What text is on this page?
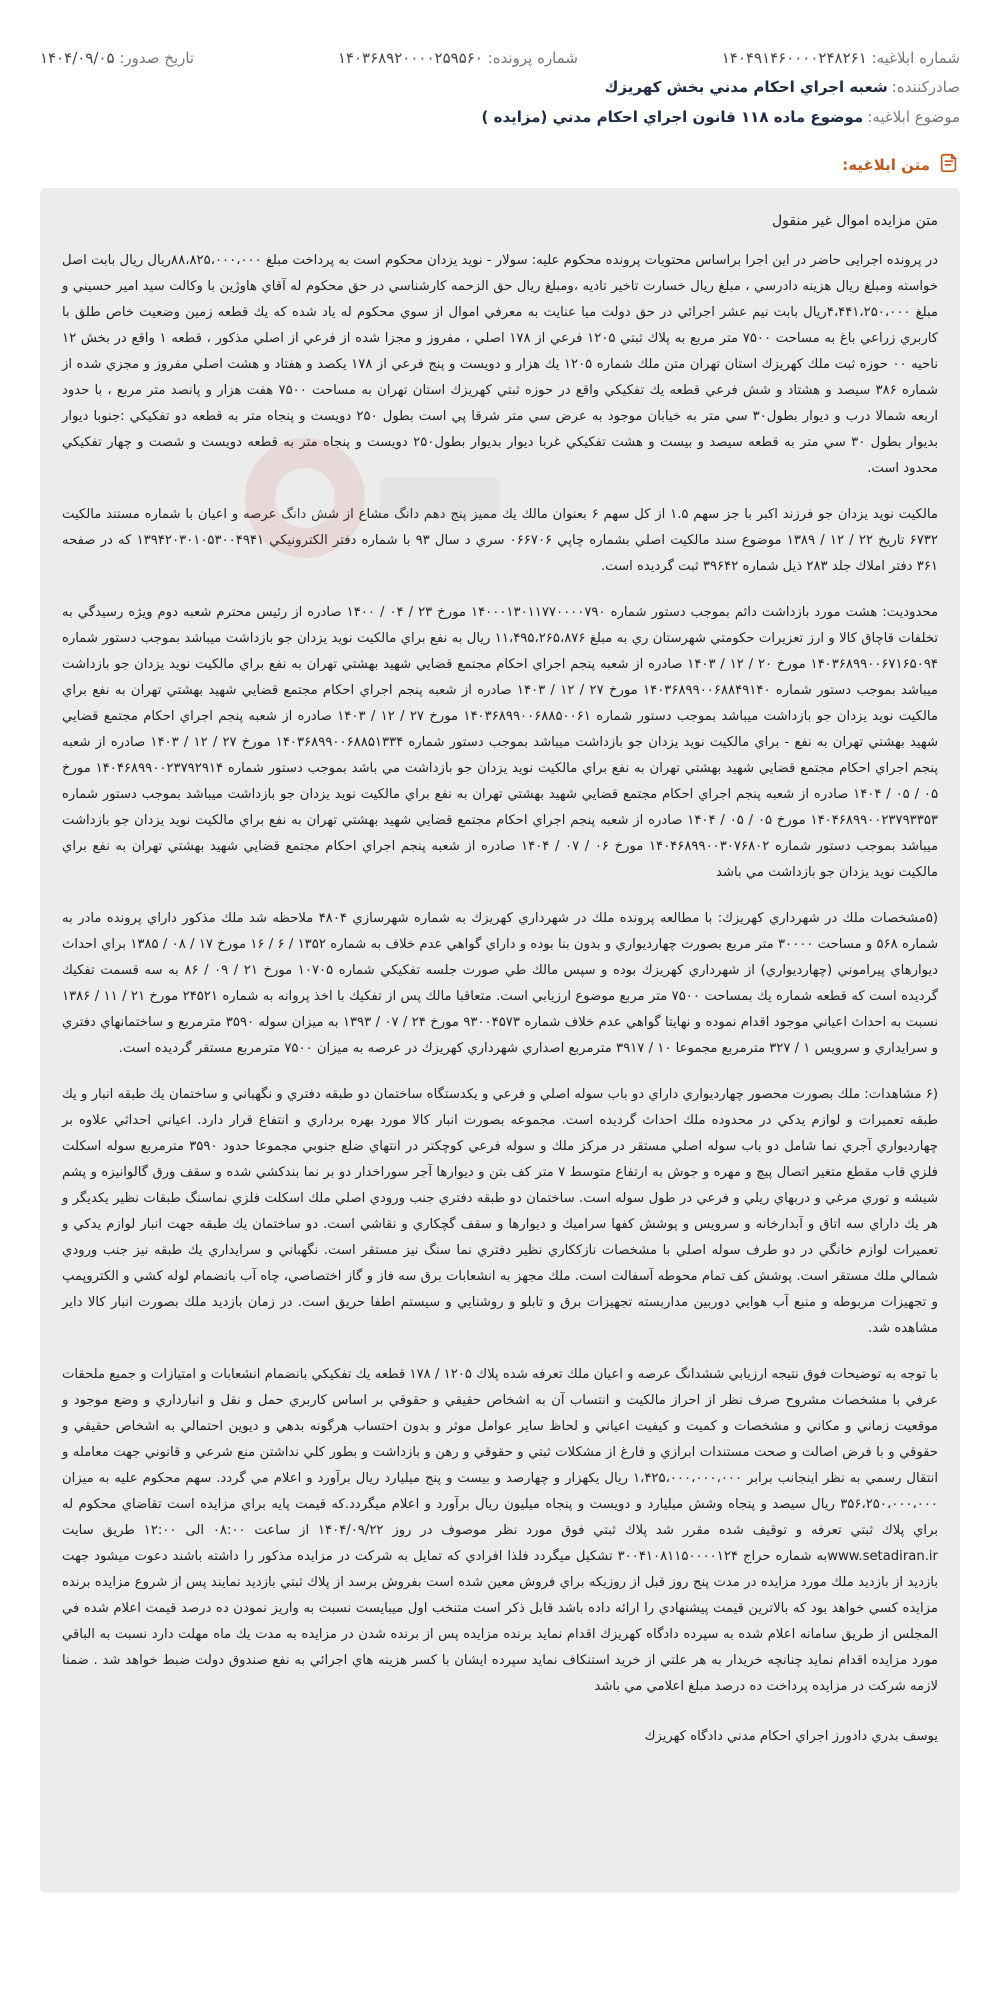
شماره ابلاغيه: ۱۴۰۴۹۱۴۶۰۰۰۰۲۴۸۲۶۱
شماره پرونده: ۱۴۰۳۶۸۹۲۰۰۰۰۲۵۹۵۶۰
تاريخ صدور: ۱۴۰۴/۰۹/۰۵
صادرکننده:
شعبه اجراي احكام مدني بخش كهريزك
موضوع ابلاغيه:
موضوع ماده ۱۱۸ قانون اجراي احكام مدني (مزايده )
متن ابلاغیه:

متن مزايده اموال غير منقول

در پرونده اجرایی حاضر در این اجرا براساس محتويات پرونده محکوم علیه: سولار - نويد يزدان محکوم است به پرداخت مبلغ ۸۸،۸۲۵،۰۰۰،۰۰۰ريال ريال بابت اصل خواسته ومبلغ ريال هزينه دادرسي ، مبلغ ريال خسارت تاخير تاديه ،ومبلغ ريال حق الزحمه كارشناسي در حق محکوم له آقاي هاوژين با وكالت سيد امير حسيني و مبلغ ۴،۴۴۱،۲۵۰،۰۰۰ريال بابت نيم عشر اجرائي در حق دولت ميا عنايت به معرفي اموال از سوي محكوم له ياد شده كه يك قطعه زمين وضعيت خاص طلق با كاربري زراعي باغ به مساحت ۷۵۰۰ متر مربع به پلاك ثبتي ۱۲۰۵ فرعي از ۱۷۸ اصلي ، مفروز و مجزا شده از فرعي از اصلي مذكور ، قطعه ۱ واقع در بخش ۱۲ ناحيه ۰۰ حوزه ثبت ملك كهريزك استان تهران متن ملك شماره ۱۲۰۵ يك هزار و دويست و پنج فرعي از ۱۷۸ يكصد و هفتاد و هشت اصلي مفروز و مجزي شده از شماره ۳۸۶ سيصد و هشتاد و شش فرعي قطعه يك تفكيكي واقع در حوزه ثبتي كهريزك استان تهران به مساحت ۷۵۰۰ هفت هزار و پانصد متر مربع ، با حدود اربعه شمالا درب و ديوار بطول۳۰ سي متر به خيابان موجود به عرض سي متر شرقا پي است بطول ۲۵۰ دويست و پنجاه متر به قطعه دو تفكيكي :جنوبا ديوار بديوار بطول ۳۰ سي متر به قطعه سيصد و بيست و هشت تفكيكي غربا ديوار بديوار بطول۲۵۰ دويست و پنجاه متر به قطعه دويست و شصت و چهار تفكيكي محدود است.

مالكيت نويد يزدان جو فرزند اكبر با جز سهم ۱.۵ از كل سهم ۶ بعنوان مالك يك مميز پنج دهم دانگ مشاع از شش دانگ عرصه و اعيان با شماره مستند مالكيت ۶۷۳۲ تاريخ ۲۲ / ۱۲ / ۱۳۸۹ موضوع سند مالكيت اصلي بشماره چاپي ۰۶۶۷۰۶ سري د سال ۹۳ با شماره دفتر الكترونيكي ۱۳۹۴۲۰۳۰۱۰۵۳۰۰۴۹۴۱ كه در صفحه ۳۶۱ دفتر املاك جلد ۲۸۳ ذيل شماره ۳۹۶۴۲ ثبت گرديده است.

محدوديت: هشت مورد بازداشت دائم بموجب دستور شماره ۱۴۰۰۰۱۳۰۱۱۷۷۰۰۰۰۷۹۰ مورخ ۲۳ / ۰۴ / ۱۴۰۰ صادره از رئيس محترم شعبه دوم ويژه رسيدگي به تخلفات قاچاق كالا و ارز تعزيرات حكومتي شهرستان ري به مبلغ ۱۱،۴۹۵،۲۶۵،۸۷۶ ريال به نفع براي مالكيت نويد يزدان جو بازداشت ميباشد بموجب دستور شماره ۱۴۰۳۶۸۹۹۰۰۶۷۱۶۵۰۹۴ مورخ ۲۰ / ۱۲ / ۱۴۰۳ صادره از شعبه پنجم اجراي احكام مجتمع قضايي شهيد بهشتي تهران به نفع براي مالكيت نويد يزدان جو بازداشت ميباشد بموجب دستور شماره ۱۴۰۳۶۸۹۹۰۰۶۸۸۴۹۱۴۰ مورخ ۲۷ / ۱۲ / ۱۴۰۳ صادره از شعبه پنجم اجراي احكام مجتمع قضايي شهيد بهشتي تهران به نفع براي مالكيت نويد يزدان جو بازداشت ميباشد بموجب دستور شماره ۱۴۰۳۶۸۹۹۰۰۶۸۸۵۰۰۶۱ مورخ ۲۷ / ۱۲ / ۱۴۰۳ صادره از شعبه پنجم اجراي احكام مجتمع قضايي شهيد بهشتي تهران به نفع - براي مالكيت نويد يزدان جو بازداشت ميباشد بموجب دستور شماره ۱۴۰۳۶۸۹۹۰۰۶۸۸۵۱۳۳۴ مورخ ۲۷ / ۱۲ / ۱۴۰۳ صادره از شعبه پنجم اجراي احكام مجتمع قضايي شهيد بهشتي تهران به نفع براي مالكيت نويد يزدان جو بازداشت مي باشد بموجب دستور شماره ۱۴۰۴۶۸۹۹۰۰۲۳۷۹۲۹۱۴ مورخ ۰۵ / ۰۵ / ۱۴۰۴ صادره از شعبه پنجم اجراي احكام مجتمع قضايي شهيد بهشتي تهران به نفع براي مالكيت نويد يزدان جو بازداشت ميباشد بموجب دستور شماره ۱۴۰۴۶۸۹۹۰۰۲۳۷۹۳۳۵۳ مورخ ۰۵ / ۰۵ / ۱۴۰۴ صادره از شعبه پنجم اجراي احكام مجتمع قضايي شهيد بهشتي تهران به نفع براي مالكيت نويد يزدان جو بازداشت ميباشد بموجب دستور شماره ۱۴۰۴۶۸۹۹۰۰۳۰۷۶۸۰۲ مورخ ۰۶ / ۰۷ / ۱۴۰۴ صادره از شعبه پنجم اجراي احكام مجتمع قضايي شهيد بهشتي تهران به نفع براي مالكيت نويد يزدان جو بازداشت مي باشد

(۵مشخصات ملك در شهرداري كهريزك: با مطالعه پرونده ملك در شهرداري كهريزك به شماره شهرسازي ۴۸۰۴ ملاحظه شد ملك مذكور داراي پرونده مادر به شماره ۵۶۸ و مساحت ۳۰۰۰۰ متر مربع بصورت چهارديواري و بدون بنا بوده و داراي گواهي عدم خلاف به شماره ۱۳۵۲ / ۶ / ۱۶ مورخ ۱۷ / ۰۸ / ۱۳۸۵ براي احداث ديوارهاي پيراموني (چهارديواري) از شهرداري كهريزك بوده و سپس مالك طي صورت جلسه تفكيكي شماره ۱۰۷۰۵ مورخ ۲۱ / ۰۹ / ۸۶ به سه قسمت تفكيك گرديده است كه قطعه شماره يك بمساحت ۷۵۰۰ متر مربع موضوع ارزيابي است. متعاقبا مالك پس از تفكيك با اخذ پروانه به شماره ۲۴۵۲۱ مورخ ۲۱ / ۱۱ / ۱۳۸۶ نسبت به احداث اعياني موجود اقدام نموده و نهايتا گواهي عدم خلاف شماره ۹۳۰۰۴۵۷۳ مورخ ۲۴ / ۰۷ / ۱۳۹۳ به ميزان سوله ۳۵۹۰ مترمربع و ساختمانهاي دفتري و سرايداري و سرويس ۱ / ۳۲۷ مترمربع مجموعا ۱۰ / ۳۹۱۷ مترمربع اصداري شهرداري كهريزك در عرصه به ميزان ۷۵۰۰ مترمربع مستقر گرديده است.

(۶ مشاهدات: ملك بصورت محصور چهارديواري داراي دو باب سوله اصلي و فرعي و يكدستگاه ساختمان دو طبقه دفتري و نگهباني و ساختمان يك طبقه انبار و يك طبقه تعميرات و لوازم يدكي در محدوده ملك احداث گرديده است. مجموعه بصورت انبار كالا مورد بهره برداري و انتفاع قرار دارد. اعياني احداثي علاوه بر چهارديواري آجري نما شامل دو باب سوله اصلي مستقر در مركز ملك و سوله فرعي كوچكتر در انتهاي ضلع جنوبي مجموعا حدود ۳۵۹۰ مترمربع سوله اسكلت فلزي قاب مقطع متغير اتصال پيچ و مهره و جوش به ارتفاع متوسط ۷ متر كف بتن و ديوارها آجر سوراخدار دو بر نما بندكشي شده و سقف ورق گالوانيزه و پشم شيشه و توري مرغي و دربهاي ريلي و فرعي در طول سوله است. ساختمان دو طبقه دفتري جنب ورودي اصلي ملك اسكلت فلزي نماسنگ طبقات نظير يكديگر و هر يك داراي سه اتاق و آبدارخانه و سرويس و پوشش كفها سراميك و ديوارها و سقف گچكاري و نقاشي است. دو ساختمان يك طبقه جهت انبار لوازم يدكي و تعميرات لوازم خانگي در دو طرف سوله اصلي با مشخصات نازككاري نظير دفتري نما سنگ نيز مستقر است. نگهباني و سرايداري يك طبقه نيز جنب ورودي شمالي ملك مستقر است. پوشش كف تمام محوطه آسفالت است. ملك مجهز به انشعابات برق سه فاز و گاز اختصاصي، چاه آب بانضمام لوله كشي و الكتروپمپ و تجهيزات مربوطه و منبع آب هوايي دوربين مداربسته تجهيزات برق و تابلو و روشنايي و سيستم اطفا حريق است. در زمان بازديد ملك بصورت انبار كالا داير مشاهده شد.

با توجه به توضيحات فوق نتيجه ارزيابي ششدانگ عرصه و اعيان ملك تعرفه شده پلاك ۱۲۰۵ / ۱۷۸ قطعه يك تفكيكي بانضمام انشعابات و امتيازات و جميع ملحقات عرفي با مشخصات مشروح صرف نظر از احراز مالكيت و انتساب آن به اشخاص حقيقي و حقوقي بر اساس كاربري حمل و نقل و انبارداري و وضع موجود و موقعيت زماني و مكاني و مشخصات و كميت و كيفيت اعياني و لحاظ ساير عوامل موثر و بدون احتساب هرگونه بدهي و ديوين احتمالي به اشخاص حقيقي و حقوقي و با فرض اصالت و صحت مستندات ابرازي و فارغ از مشكلات ثبتي و حقوقي و رهن و بازداشت و بطور كلي نداشتن منع شرعي و قانوني جهت معامله و انتقال رسمي به نظر اينجانب برابر ۱،۴۲۵،۰۰۰،۰۰۰،۰۰۰ ريال يكهزار و چهارصد و بيست و پنج ميليارد ريال برآورد و اعلام مي گردد. سهم محكوم عليه به ميزان ۳۵۶،۲۵۰،۰۰۰،۰۰۰ ريال سيصد و پنجاه وشش ميليارد و دويست و پنجاه ميليون ريال برآورد و اعلام ميگردد.كه قيمت پايه براي مزايده است تقاضاي محكوم له براي پلاك ثبتي تعرفه و توقيف شده مقرر شد پلاك ثبتي فوق مورد نظر موصوف در روز ۱۴۰۴/۰۹/۲۲ از ساعت ۰۸:۰۰ الی ۱۲:۰۰ طريق سايت www.setadiran.irبه شماره حراج ۳۰۰۴۱۰۸۱۱۵۰۰۰۰۱۲۴ تشكيل ميگردد فلذا افرادي كه تمايل به شركت در مزايده مذكور را داشته باشند دعوت ميشود جهت بازديد از بازديد ملك مورد مزايده در مدت پنج روز قبل از روزيكه براي فروش معين شده است بفروش برسد از پلاك ثبتي بازديد نمايند پس از شروع مزايده برنده مزايده كسي خواهد بود كه بالاترين قيمت پيشنهادي را ارائه داده باشد قابل ذكر است متنخب اول ميبايست نسبت به واريز نمودن ده درصد قيمت اعلام شده في المجلس از طريق سامانه اعلام شده به سپرده دادگاه كهريزك اقدام نمايد برنده مزايده پس از برنده شدن در مزايده به مدت يك ماه مهلت دارد نسبت به الباقي مورد مزايده اقدام نمايد چنانچه خريدار به هر علتي از خريد استنكاف نمايد سپرده ايشان با كسر هزينه هاي اجرائي به نفع صندوق دولت ضبط خواهد شد . ضمنا لازمه شركت در مزايده پرداخت ده درصد مبلغ اعلامي مي باشد

يوسف بدري دادورز اجراي احكام مدني دادگاه كهريزك
